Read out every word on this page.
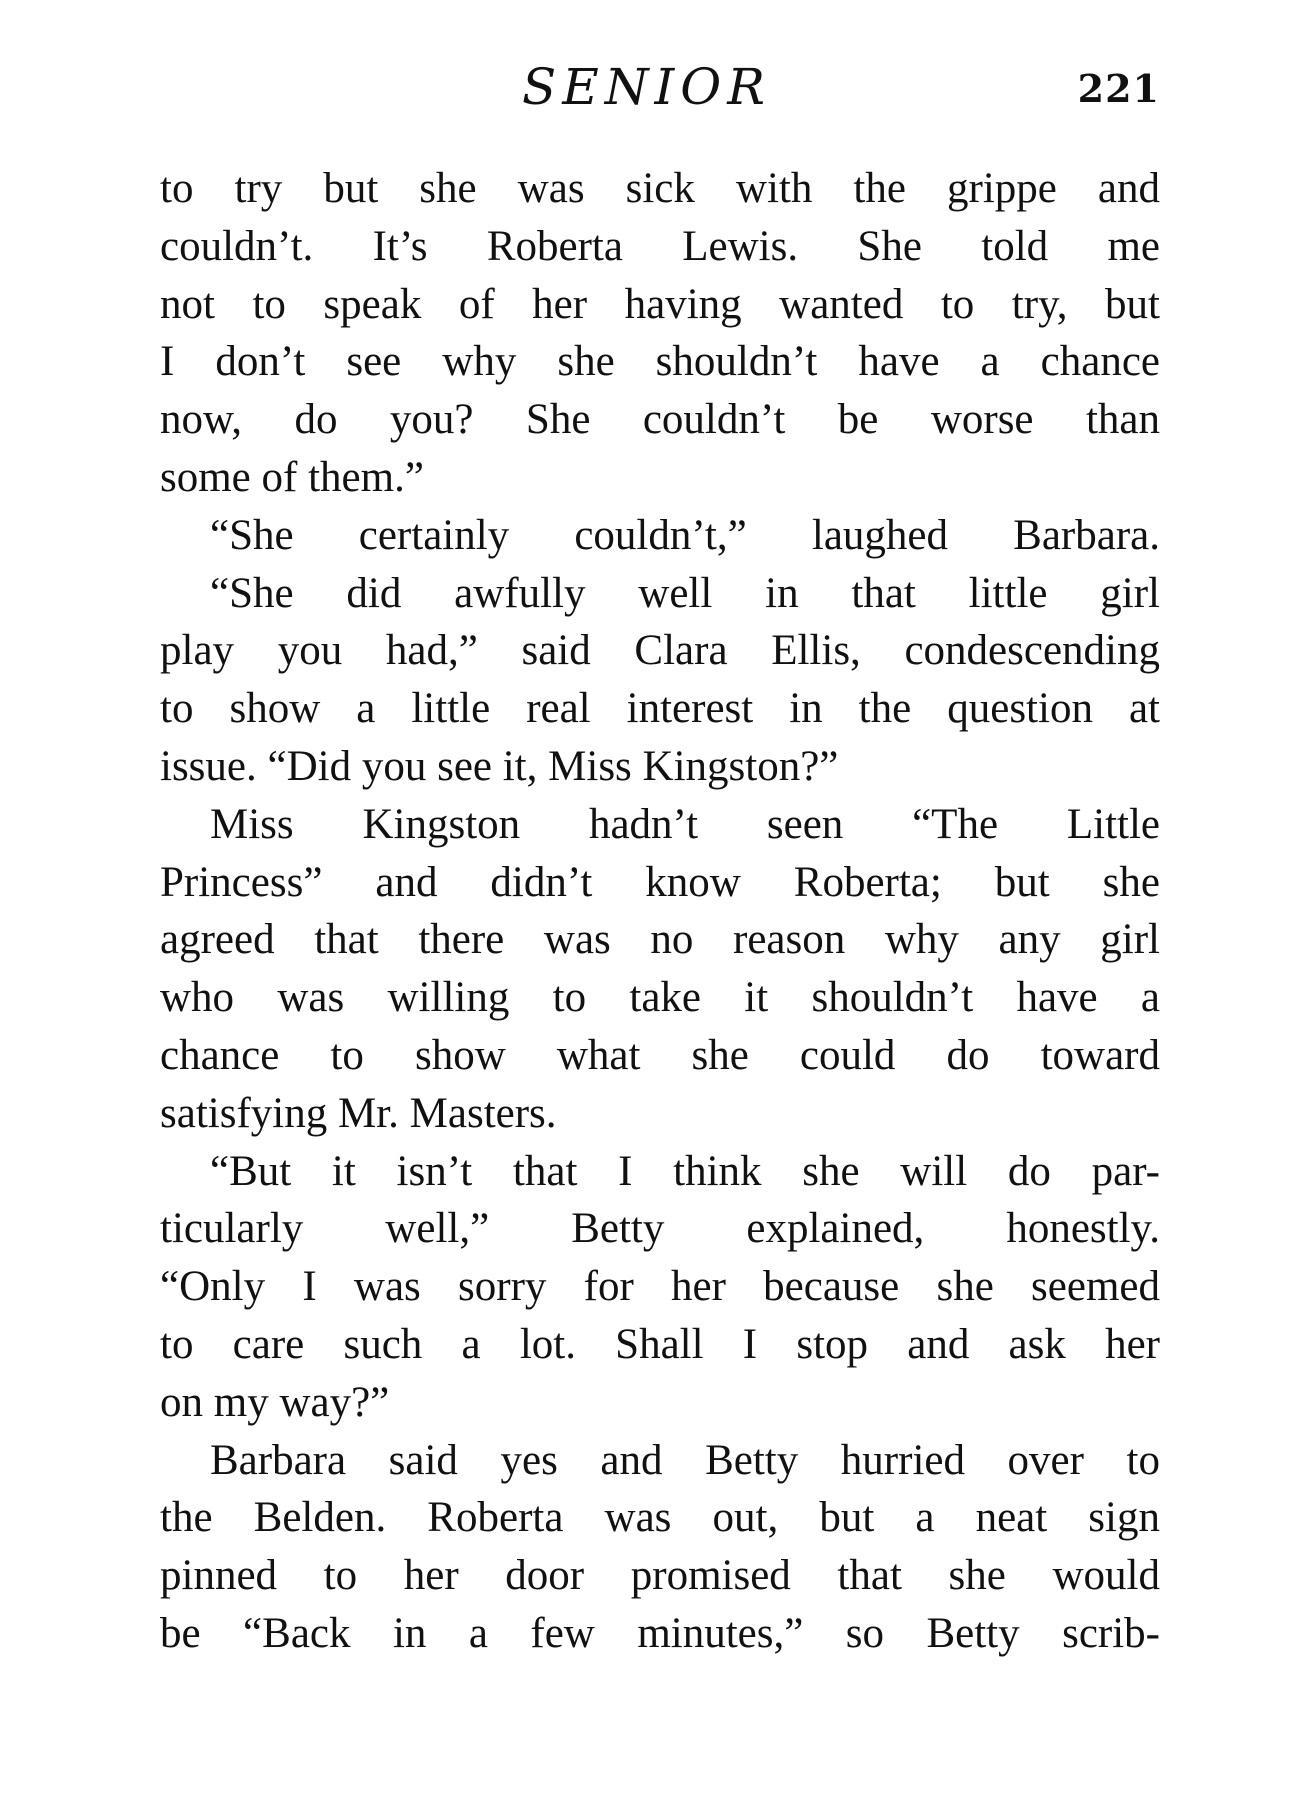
SENIOR	221
to try but she was sick with the grippe and
couldn’t. It’s Roberta Lewis. She told me
not to speak of her having wanted to try, but
I don’t see why she shouldn’t have a chance
now, do you? She couldn’t be worse than
some of them.”
“She certainly couldn’t,” laughed Barbara.
“She did awfully well in that little girl
play you had,” said Clara Ellis, condescending
to show a little real interest in the question at
issue. “Did you see it, Miss Kingston?”
Miss Kingston hadn’t seen “The Little
Princess” and didn’t know Roberta; but she
agreed that there was no reason why any girl
who was willing to take it shouldn’t have a
chance to show what she could do toward
satisfying Mr. Masters.
“But it isn’t that I think she will do par-
ticularly well,” Betty explained, honestly.
“Only I was sorry for her because she seemed
to care such a lot. Shall I stop and ask her
on my way?”
Barbara said yes and Betty hurried over to
the Belden. Roberta was out, but a neat sign
pinned to her door promised that she would
be “Back in a few minutes,” so Betty scrib-
